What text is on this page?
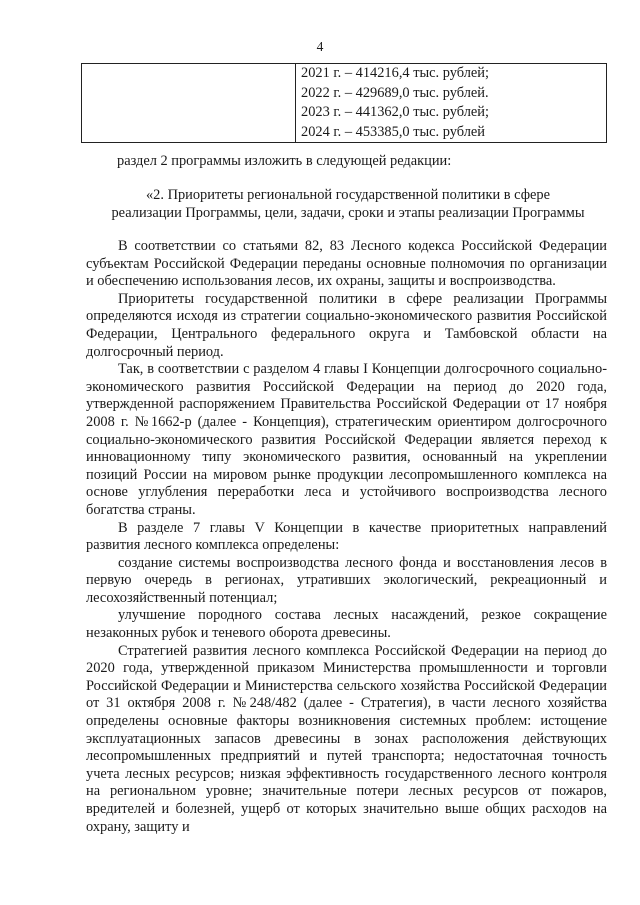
4

2021 г. – 414216,4 тыс. рублей;
2022 г. – 429689,0 тыс. рублей.
2023 г. – 441362,0 тыс. рублей;
2024 г. – 453385,0 тыс. рублей
раздел 2 программы изложить в следующей редакции:
«2. Приоритеты региональной государственной политики в сфере
реализации Программы, цели, задачи, сроки и этапы реализации Программы

В соответствии со статьями 82, 83 Лесного кодекса Российской Федерации субъектам Российской Федерации переданы основные полномочия по организации и обеспечению использования лесов, их охраны, защиты и воспроизводства.

Приоритеты государственной политики в сфере реализации Программы определяются исходя из стратегии социально-экономического развития Российской Федерации, Центрального федерального округа и Тамбовской области на долгосрочный период.

Так, в соответствии с разделом 4 главы I Концепции долгосрочного социально-экономического развития Российской Федерации на период до 2020 года, утвержденной распоряжением Правительства Российской Федерации от 17 ноября 2008 г. №1662-р (далее - Концепция), стратегическим ориентиром долгосрочного социально-экономического развития Российской Федерации является переход к инновационному типу экономического развития, основанный на укреплении позиций России на мировом рынке продукции лесопромышленного комплекса на основе углубления переработки леса и устойчивого воспроизводства лесного богатства страны.

В разделе 7 главы V Концепции в качестве приоритетных направлений развития лесного комплекса определены:

создание системы воспроизводства лесного фонда и восстановления лесов в первую очередь в регионах, утративших экологический, рекреационный и лесохозяйственный потенциал;

улучшение породного состава лесных насаждений, резкое сокращение незаконных рубок и теневого оборота древесины.

Стратегией развития лесного комплекса Российской Федерации на период до 2020 года, утвержденной приказом Министерства промышленности и торговли Российской Федерации и Министерства сельского хозяйства Российской Федерации от 31 октября 2008 г. №248/482 (далее - Стратегия), в части лесного хозяйства определены основные факторы возникновения системных проблем: истощение эксплуатационных запасов древесины в зонах расположения действующих лесопромышленных предприятий и путей транспорта; недостаточная точность учета лесных ресурсов; низкая эффективность государственного лесного контроля на региональном уровне; значительные потери лесных ресурсов от пожаров, вредителей и болезней, ущерб от которых значительно выше общих расходов на охрану, защиту и
